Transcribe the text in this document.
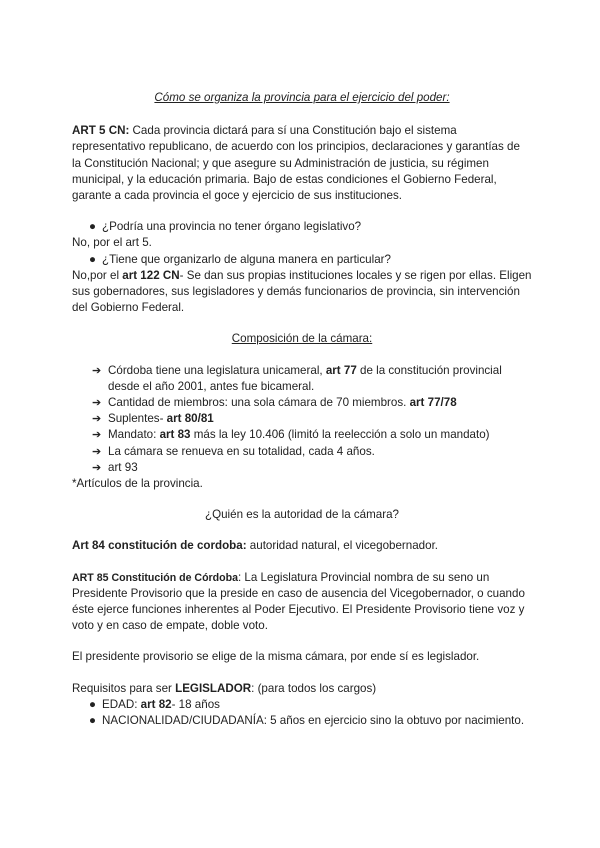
Cómo se organiza la provincia para el ejercicio del poder:

ART 5 CN: Cada provincia dictará para sí una Constitución bajo el sistema representativo republicano, de acuerdo con los principios, declaraciones y garantías de la Constitución Nacional; y que asegure su Administración de justicia, su régimen municipal, y la educación primaria. Bajo de estas condiciones el Gobierno Federal, garante a cada provincia el goce y ejercicio de sus instituciones.

● ¿Podría una provincia no tener órgano legislativo?

No, por el art 5.

● ¿Tiene que organizarlo de alguna manera en particular?

No,por el art 122 CN- Se dan sus propias instituciones locales y se rigen por ellas. Eligen sus gobernadores, sus legisladores y demás funcionarios de provincia, sin intervención del Gobierno Federal.

Composición de la cámara:

➔ Córdoba tiene una legislatura unicameral, art 77 de la constitución provincial desde el año 2001, antes fue bicameral.
➔ Cantidad de miembros: una sola cámara de 70 miembros. art 77/78
➔ Suplentes- art 80/81
➔ Mandato: art 83 más la ley 10.406 (limitó la reelección a solo un mandato)
➔ La cámara se renueva en su totalidad, cada 4 años.
➔ art 93

*Artículos de la provincia.

¿Quién es la autoridad de la cámara?

Art 84 constitución de cordoba: autoridad natural, el vicegobernador.

ART 85 Constitución de Córdoba: La Legislatura Provincial nombra de su seno un Presidente Provisorio que la preside en caso de ausencia del Vicegobernador, o cuando éste ejerce funciones inherentes al Poder Ejecutivo. El Presidente Provisorio tiene voz y voto y en caso de empate, doble voto.

El presidente provisorio se elige de la misma cámara, por ende sí es legislador.

Requisitos para ser LEGISLADOR: (para todos los cargos)

● EDAD: art 82- 18 años
● NACIONALIDAD/CIUDADANÍA: 5 años en ejercicio sino la obtuvo por nacimiento.
